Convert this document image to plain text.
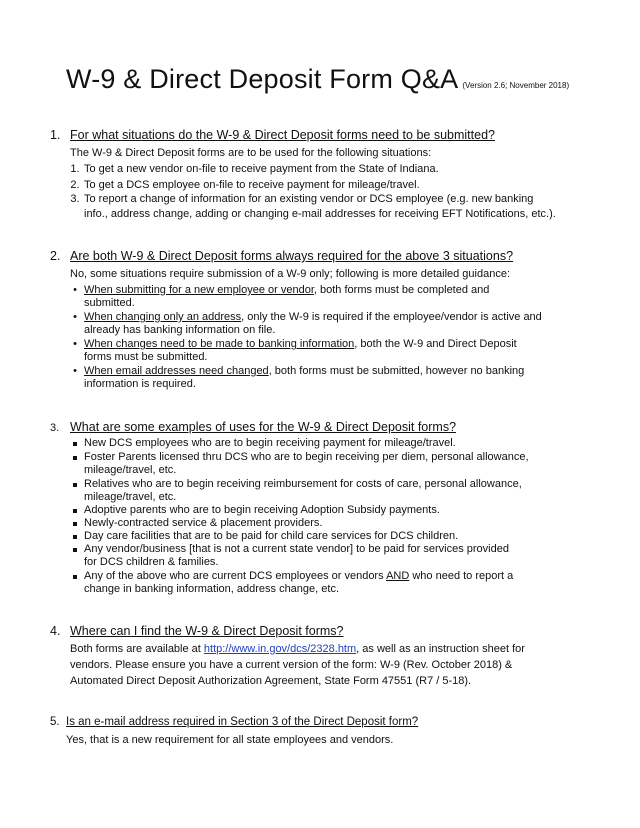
W-9 & Direct Deposit Form Q&A (Version 2.6; November 2018)
1. For what situations do the W-9 & Direct Deposit forms need to be submitted?
The W-9 & Direct Deposit forms are to be used for the following situations:
1. To get a new vendor on-file to receive payment from the State of Indiana.
2. To get a DCS employee on-file to receive payment for mileage/travel.
3. To report a change of information for an existing vendor or DCS employee (e.g. new banking
info., address change, adding or changing e-mail addresses for receiving EFT Notifications, etc.).
2. Are both W-9 & Direct Deposit forms always required for the above 3 situations?
No, some situations require submission of a W-9 only; following is more detailed guidance:
• When submitting for a new employee or vendor, both forms must be completed and
submitted.
• When changing only an address, only the W-9 is required if the employee/vendor is active and
already has banking information on file.
• When changes need to be made to banking information, both the W-9 and Direct Deposit
forms must be submitted.
• When email addresses need changed, both forms must be submitted, however no banking
information is required.
3. What are some examples of uses for the W-9 & Direct Deposit forms?
New DCS employees who are to begin receiving payment for mileage/travel.
Foster Parents licensed thru DCS who are to begin receiving per diem, personal allowance,
mileage/travel, etc.
Relatives who are to begin receiving reimbursement for costs of care, personal allowance,
mileage/travel, etc.
Adoptive parents who are to begin receiving Adoption Subsidy payments.
Newly-contracted service & placement providers.
Day care facilities that are to be paid for child care services for DCS children.
Any vendor/business [that is not a current state vendor] to be paid for services provided
for DCS children & families.
Any of the above who are current DCS employees or vendors AND who need to report a
change in banking information, address change, etc.
4. Where can I find the W-9 & Direct Deposit forms?
Both forms are available at http://www.in.gov/dcs/2328.htm, as well as an instruction sheet for
vendors. Please ensure you have a current version of the form: W-9 (Rev. October 2018) &
Automated Direct Deposit Authorization Agreement, State Form 47551 (R7 / 5-18).
5. Is an e-mail address required in Section 3 of the Direct Deposit form?
Yes, that is a new requirement for all state employees and vendors.
